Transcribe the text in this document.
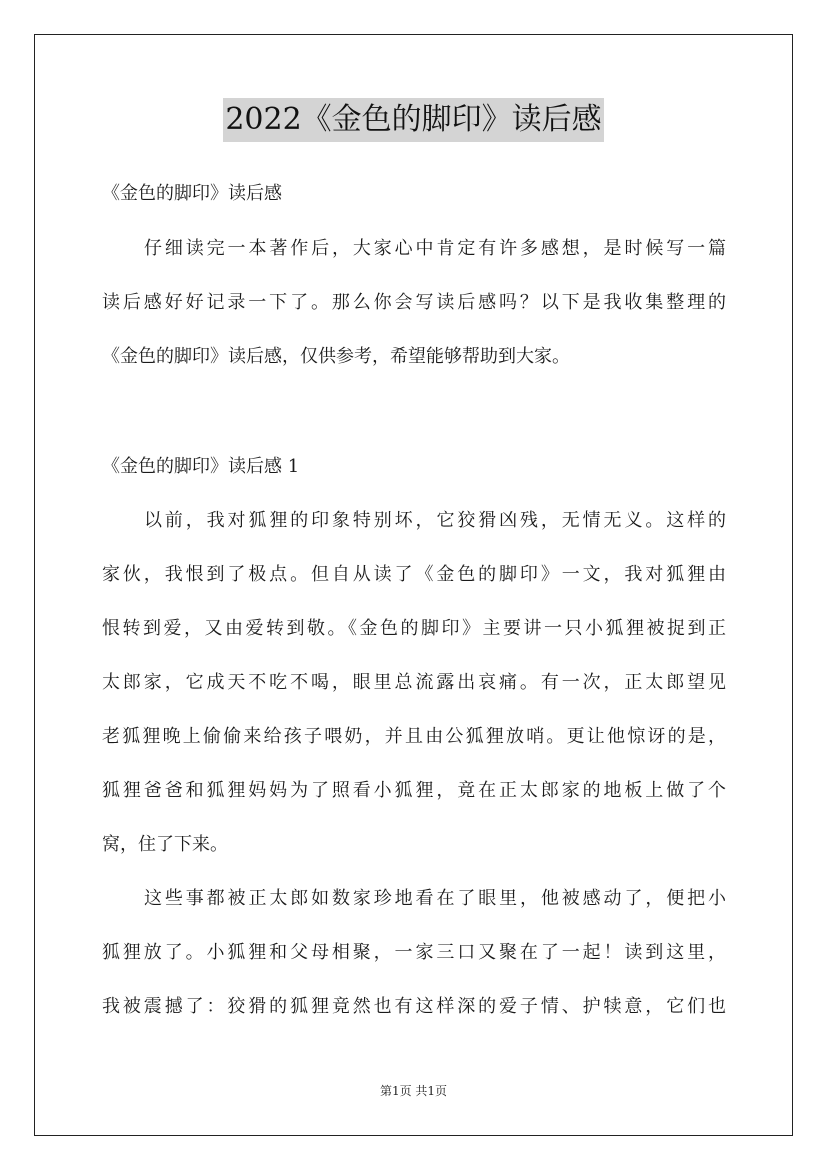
2022《金色的脚印》读后感
《金色的脚印》读后感
仔细读完一本著作后，大家心中肯定有许多感想，是时候写一篇
读后感好好记录一下了。那么你会写读后感吗？以下是我收集整理的
《金色的脚印》读后感，仅供参考，希望能够帮助到大家。
《金色的脚印》读后感 1
以前，我对狐狸的印象特别坏，它狡猾凶残，无情无义。这样的
家伙，我恨到了极点。但自从读了《金色的脚印》一文，我对狐狸由
恨转到爱，又由爱转到敬。《金色的脚印》主要讲一只小狐狸被捉到正
太郎家，它成天不吃不喝，眼里总流露出哀痛。有一次，正太郎望见
老狐狸晚上偷偷来给孩子喂奶，并且由公狐狸放哨。更让他惊讶的是，
狐狸爸爸和狐狸妈妈为了照看小狐狸，竟在正太郎家的地板上做了个
窝，住了下来。
这些事都被正太郎如数家珍地看在了眼里，他被感动了，便把小
狐狸放了。小狐狸和父母相聚，一家三口又聚在了一起！读到这里，
我被震撼了：狡猾的狐狸竟然也有这样深的爱子情、护犊意，它们也
第1页 共1页
